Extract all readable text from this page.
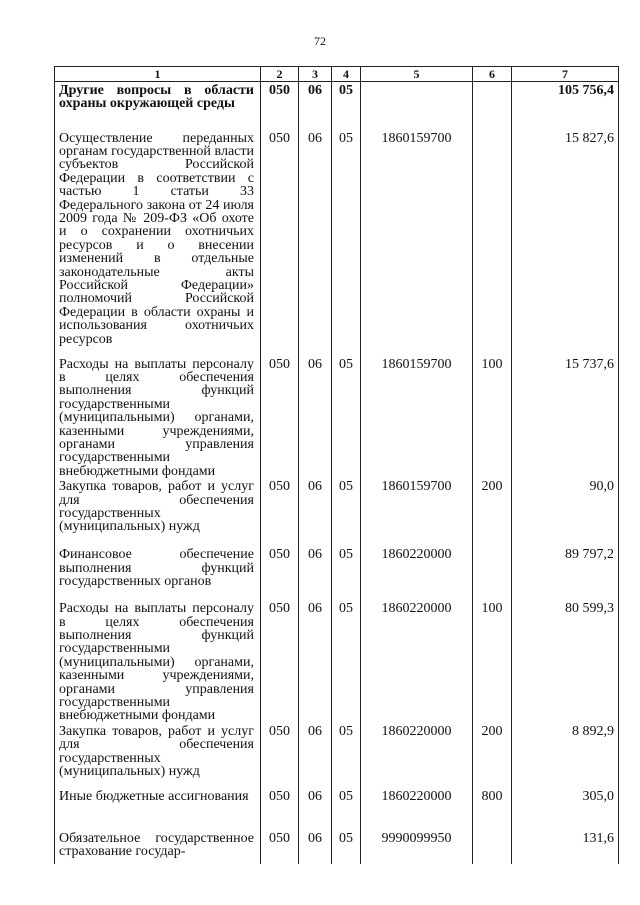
72
1	2	3	4	5	6	7
Другие вопросы в области охраны окружающей среды	050	06	05			105 756,4
Осуществление переданных органам государственной власти субъектов Российской Федерации в соответствии с частью 1 статьи 33 Федерального закона от 24 июля 2009 года № 209-ФЗ «Об охоте и о сохранении охотничьих ресурсов и о внесении изменений в отдельные законодательные акты Российской Федерации» полномочий Российской Федерации в области охраны и использования охотничьих ресурсов	050	06	05	1860159700		15 827,6
Расходы на выплаты персоналу в целях обеспечения выполнения функций государственными (муниципальными) органами, казенными учреждениями, органами управления государственными внебюджетными фондами	050	06	05	1860159700	100	15 737,6
Закупка товаров, работ и услуг для обеспечения государственных (муниципальных) нужд	050	06	05	1860159700	200	90,0
Финансовое обеспечение выполнения функций государственных органов	050	06	05	1860220000		89 797,2
Расходы на выплаты персоналу в целях обеспечения выполнения функций государственными (муниципальными) органами, казенными учреждениями, органами управления государственными внебюджетными фондами	050	06	05	1860220000	100	80 599,3
Закупка товаров, работ и услуг для обеспечения государственных (муниципальных) нужд	050	06	05	1860220000	200	8 892,9
Иные бюджетные ассигнования	050	06	05	1860220000	800	305,0
Обязательное государственное страхование государ-	050	06	05	9990099950		131,6
